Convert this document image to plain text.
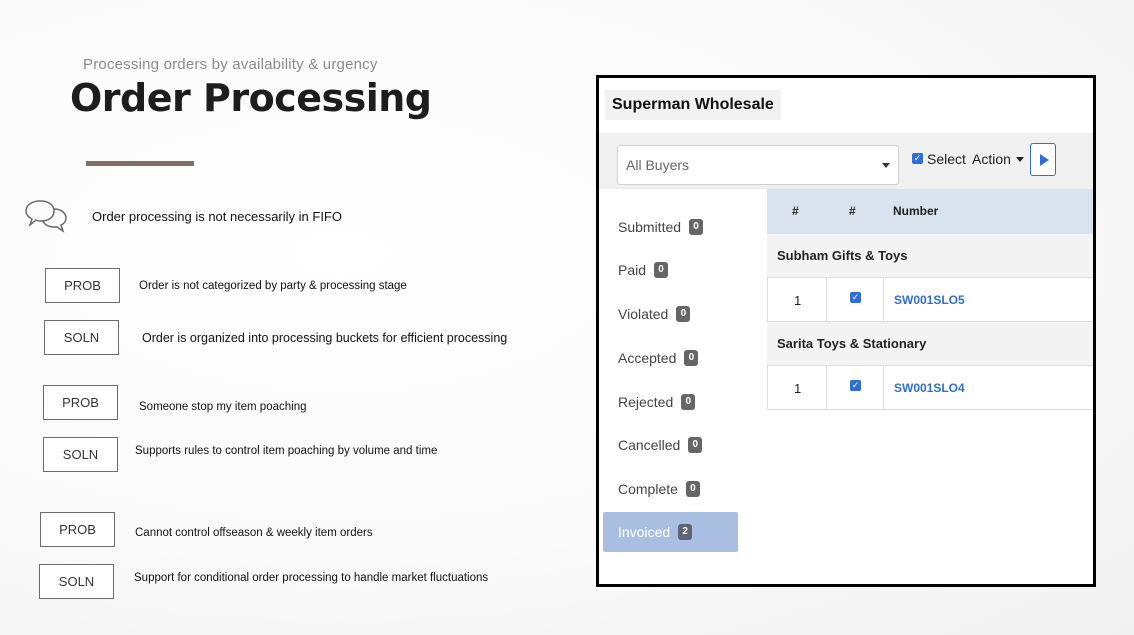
Processing orders by availability & urgency
Order Processing
Order processing is not necessarily in FIFO
PROB	Order is not categorized by party & processing stage
SOLN	Order is organized into processing buckets for efficient processing
PROB	Someone stop my item poaching
SOLN	Supports rules to control item poaching by volume and time
PROB	Cannot control offseason & weekly item orders
SOLN	Support for conditional order processing to handle market fluctuations
Superman Wholesale
All Buyers	✓ Select Action
Submitted	0
Paid	0
Violated	0
Accepted	0
Rejected	0
Cancelled	0
Complete	0
Invoiced	2
#	#	Number
Subham Gifts & Toys
1	✓	SW001SLO5
Sarita Toys & Stationary
1	✓	SW001SLO4
